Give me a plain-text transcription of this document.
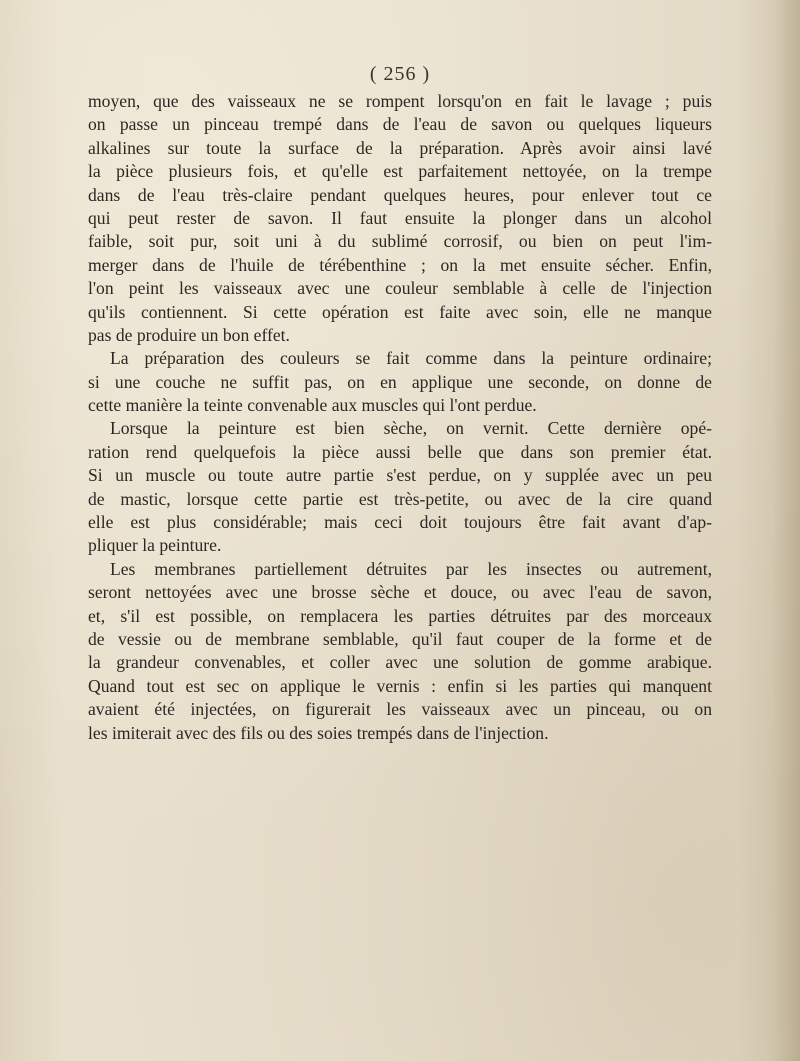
( 256 )
moyen, que des vaisseaux ne se rompent lorsqu'on en fait le lavage ; puis
on passe un pinceau trempé dans de l'eau de savon ou quelques liqueurs
alkalines sur toute la surface de la préparation. Après avoir ainsi lavé
la pièce plusieurs fois, et qu'elle est parfaitement nettoyée, on la trempe
dans de l'eau très-claire pendant quelques heures, pour enlever tout ce
qui peut rester de savon. Il faut ensuite la plonger dans un alcohol
faible, soit pur, soit uni à du sublimé corrosif, ou bien on peut l'im-
merger dans de l'huile de térébenthine ; on la met ensuite sécher. Enfin,
l'on peint les vaisseaux avec une couleur semblable à celle de l'injection
qu'ils contiennent. Si cette opération est faite avec soin, elle ne manque
pas de produire un bon effet.
La préparation des couleurs se fait comme dans la peinture ordinaire;
si une couche ne suffit pas, on en applique une seconde, on donne de
cette manière la teinte convenable aux muscles qui l'ont perdue.
Lorsque la peinture est bien sèche, on vernit. Cette dernière opé-
ration rend quelquefois la pièce aussi belle que dans son premier état.
Si un muscle ou toute autre partie s'est perdue, on y supplée avec un peu
de mastic, lorsque cette partie est très-petite, ou avec de la cire quand
elle est plus considérable; mais ceci doit toujours être fait avant d'ap-
pliquer la peinture.
Les membranes partiellement détruites par les insectes ou autrement,
seront nettoyées avec une brosse sèche et douce, ou avec l'eau de savon,
et, s'il est possible, on remplacera les parties détruites par des morceaux
de vessie ou de membrane semblable, qu'il faut couper de la forme et de
la grandeur convenables, et coller avec une solution de gomme arabique.
Quand tout est sec on applique le vernis : enfin si les parties qui manquent
avaient été injectées, on figurerait les vaisseaux avec un pinceau, ou on
les imiterait avec des fils ou des soies trempés dans de l'injection.
